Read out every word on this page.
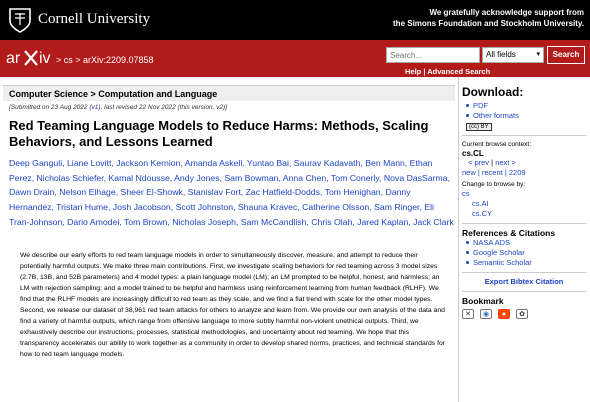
Cornell University	We gratefully acknowledge support from
the Simons Foundation and Stockholm University.
ar iv > cs > arXiv:2209.07858
Search...
All fields	▾	Search
Help | Advanced Search
Computer Science > Computation and Language
[Submitted on 23 Aug 2022 (v1), last revised 22 Nov 2022 (this version, v2)]
Red Teaming Language Models to Reduce Harms: Methods, Scaling Behaviors, and Lessons Learned
Deep Ganguli, Liane Lovitt, Jackson Kernion, Amanda Askell, Yuntao Bai, Saurav Kadavath, Ben Mann, Ethan Perez, Nicholas Schiefer, Kamal Ndousse, Andy Jones, Sam Bowman, Anna Chen, Tom Conerly, Nova DasSarma, Dawn Drain, Nelson Elhage, Sheer El-Showk, Stanislav Fort, Zac Hatfield-Dodds, Tom Henighan, Danny Hernandez, Tristan Hume, Josh Jacobson, Scott Johnston, Shauna Kravec, Catherine Olsson, Sam Ringer, Eli Tran-Johnson, Dario Amodei, Tom Brown, Nicholas Joseph, Sam McCandlish, Chris Olah, Jared Kaplan, Jack Clark
We describe our early efforts to red team language models in order to simultaneously discover, measure, and attempt to reduce their potentially harmful outputs. We make three main contributions. First, we investigate scaling behaviors for red teaming across 3 model sizes (2.7B, 13B, and 52B parameters) and 4 model types: a plain language model (LM); an LM prompted to be helpful, honest, and harmless; an LM with rejection sampling; and a model trained to be helpful and harmless using reinforcement learning from human feedback (RLHF). We find that the RLHF models are increasingly difficult to red team as they scale, and we find a flat trend with scale for the other model types. Second, we release our dataset of 38,961 red team attacks for others to analyze and learn from. We provide our own analysis of the data and find a variety of harmful outputs, which range from offensive language to more subtly harmful non-violent unethical outputs. Third, we exhaustively describe our instructions, processes, statistical methodologies, and uncertainty about red teaming. We hope that this transparency accelerates our ability to work together as a community in order to develop shared norms, practices, and technical standards for how to red team language models.
Download:
PDF
Other formats
(cc) BY
Current browse context:
cs.CL
< prev | next >
new | recent | 2209
Change to browse by:
cs
cs.AI
cs.CY
References & Citations
NASA ADS
Google Scholar
Semantic Scholar
Export Bibtex Citation
Bookmark
✕	◉	●	✿
